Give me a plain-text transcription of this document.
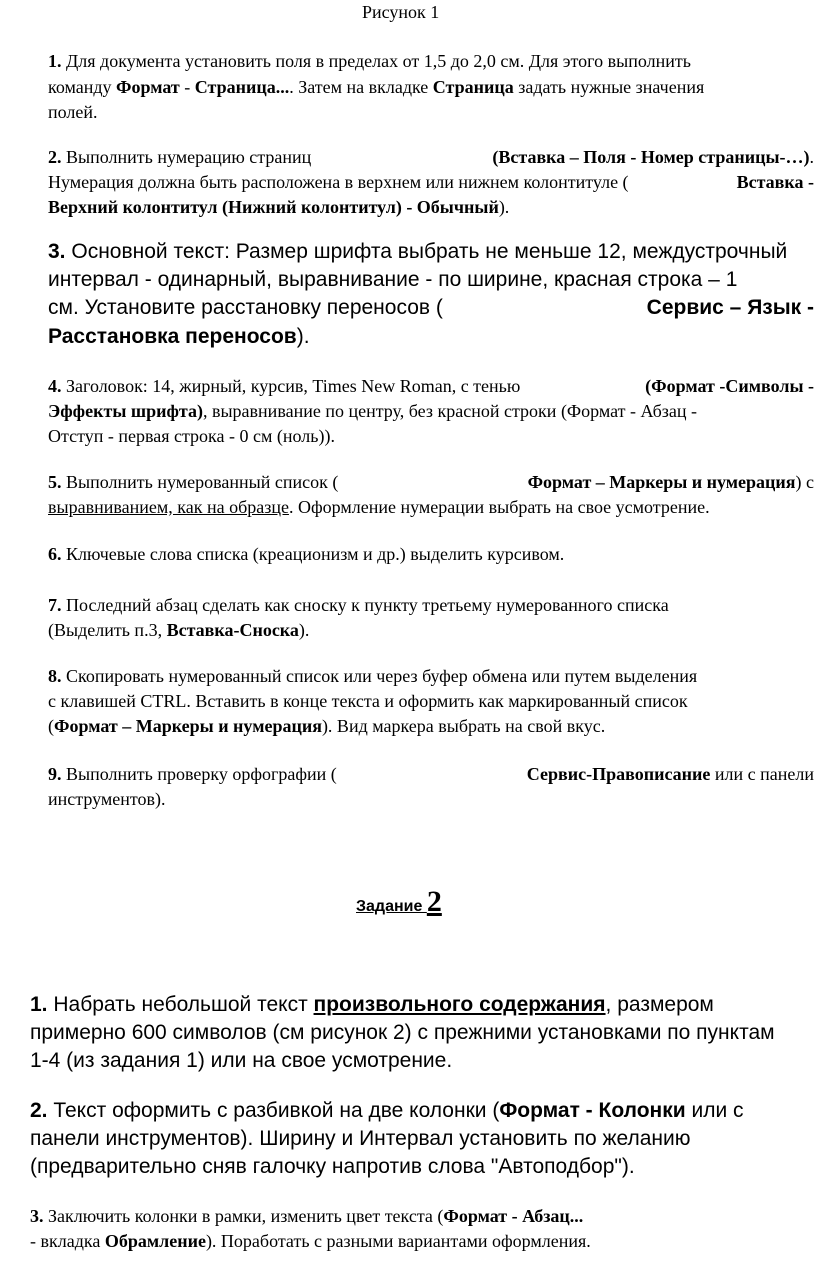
Рисунок 1
1. Для документа установить поля в пределах от 1,5 до 2,0 см. Для этого выполнить
команду Формат - Страница.... Затем на вкладке Страница задать нужные значения
полей.
2. Выполнить нумерацию страниц	(Вставка – Поля - Номер страницы-…).
Нумерация должна быть расположена в верхнем или нижнем колонтитуле (	Вставка -
Верхний колонтитул (Нижний колонтитул) - Обычный).
3. Основной текст: Размер шрифта выбрать не меньше 12, междустрочный
интервал - одинарный, выравнивание - по ширине, красная строка – 1
см. Установите расстановку переносов (	Сервис – Язык -
Расстановка переносов).
4. Заголовок: 14, жирный, курсив, Times New Roman, с тенью	(Формат -Символы -
Эффекты шрифта), выравнивание по центру, без красной строки (Формат - Абзац -
Отступ - первая строка - 0 см (ноль)).
5. Выполнить нумерованный список (	Формат – Маркеры и нумерация) с
выравниванием, как на образце. Оформление нумерации выбрать на свое усмотрение.
6. Ключевые слова списка (креационизм и др.) выделить курсивом.
7. Последний абзац сделать как сноску к пункту третьему нумерованного списка
(Выделить п.3, Вставка-Сноска).
8. Скопировать нумерованный список или через буфер обмена или путем выделения
с клавишей CTRL. Вставить в конце текста и оформить как маркированный список
(Формат – Маркеры и нумерация). Вид маркера выбрать на свой вкус.
9. Выполнить проверку орфографии (	Сервис-Правописание или с панели
инструментов).
Задание 2
1. Набрать небольшой текст произвольного содержания, размером
примерно 600 символов (см рисунок 2) с прежними установками по пунктам
1-4 (из задания 1) или на свое усмотрение.
2. Текст оформить с разбивкой на две колонки (Формат - Колонки или с
панели инструментов). Ширину и Интервал установить по желанию
(предварительно сняв галочку напротив слова "Автоподбор").
3. Заключить колонки в рамки, изменить цвет текста (Формат - Абзац...
- вкладка Обрамление). Поработать с разными вариантами оформления.
